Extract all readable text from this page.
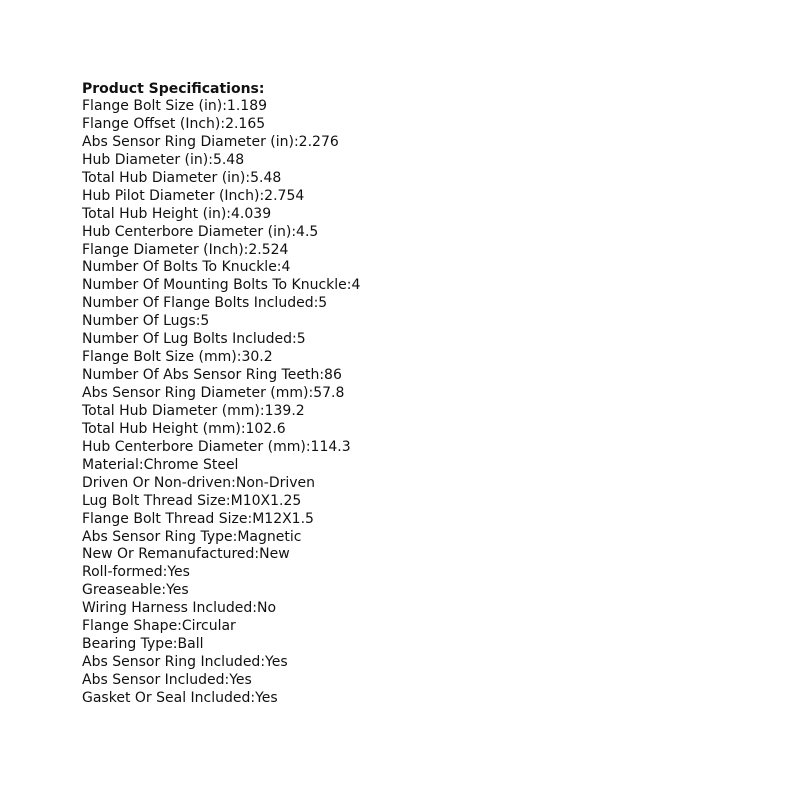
Product Specifications:
Flange Bolt Size (in):1.189
Flange Offset (Inch):2.165
Abs Sensor Ring Diameter (in):2.276
Hub Diameter (in):5.48
Total Hub Diameter (in):5.48
Hub Pilot Diameter (Inch):2.754
Total Hub Height (in):4.039
Hub Centerbore Diameter (in):4.5
Flange Diameter (Inch):2.524
Number Of Bolts To Knuckle:4
Number Of Mounting Bolts To Knuckle:4
Number Of Flange Bolts Included:5
Number Of Lugs:5
Number Of Lug Bolts Included:5
Flange Bolt Size (mm):30.2
Number Of Abs Sensor Ring Teeth:86
Abs Sensor Ring Diameter (mm):57.8
Total Hub Diameter (mm):139.2
Total Hub Height (mm):102.6
Hub Centerbore Diameter (mm):114.3
Material:Chrome Steel
Driven Or Non-driven:Non-Driven
Lug Bolt Thread Size:M10X1.25
Flange Bolt Thread Size:M12X1.5
Abs Sensor Ring Type:Magnetic
New Or Remanufactured:New
Roll-formed:Yes
Greaseable:Yes
Wiring Harness Included:No
Flange Shape:Circular
Bearing Type:Ball
Abs Sensor Ring Included:Yes
Abs Sensor Included:Yes
Gasket Or Seal Included:Yes
